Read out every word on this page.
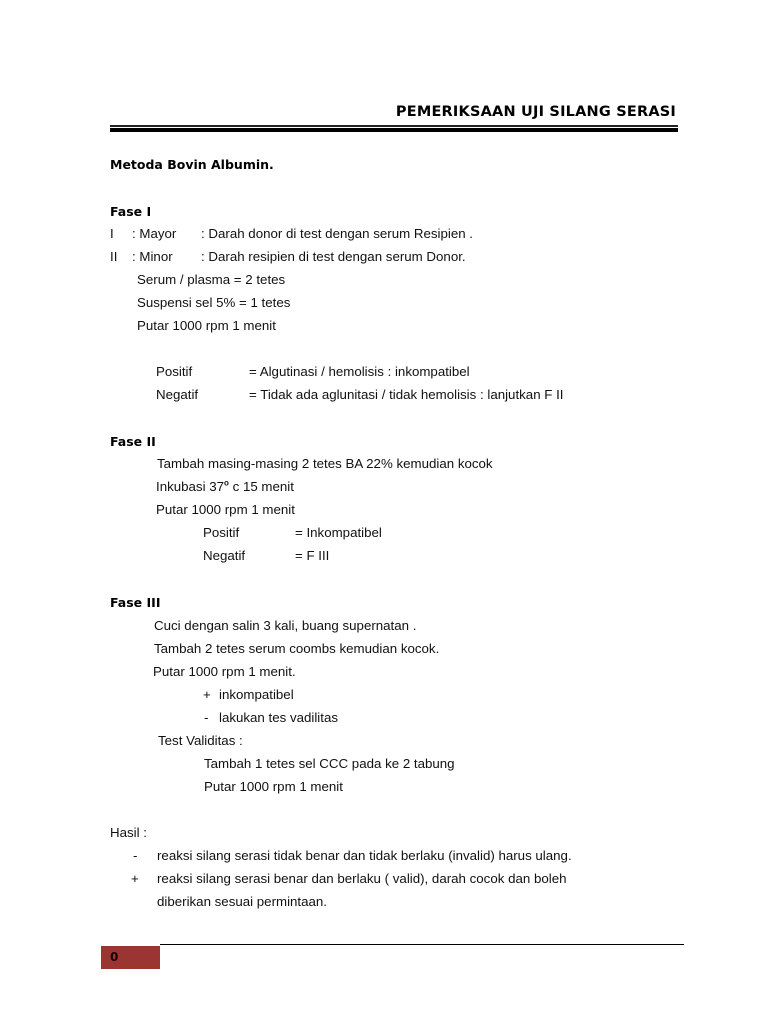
PEMERIKSAAN UJI SILANG SERASI
Metoda Bovin Albumin.
Fase I
I : Mayor : Darah donor di test dengan serum Resipien .
II : Minor : Darah resipien di test dengan serum Donor.
Serum / plasma = 2 tetes
Suspensi sel 5% = 1 tetes
Putar 1000 rpm 1 menit
Positif	= Algutinasi / hemolisis : inkompatibel
Negatif	= Tidak ada aglunitasi / tidak hemolisis : lanjutkan F II
Fase II
Tambah masing-masing 2 tetes BA 22% kemudian kocok
Inkubasi 37$^o$ c 15 menit
Putar 1000 rpm 1 menit
Positif	= Inkompatibel
Negatif	= F III
Fase III
Cuci dengan salin 3 kali, buang supernatan .
Tambah 2 tetes serum coombs kemudian kocok.
Putar 1000 rpm 1 menit.
+ inkompatibel
- lakukan tes vadilitas
Test Validitas :
Tambah 1 tetes sel CCC pada ke 2 tabung
Putar 1000 rpm 1 menit
Hasil :
- reaksi silang serasi tidak benar dan tidak berlaku (invalid) harus ulang.
+ reaksi silang serasi benar dan berlaku ( valid), darah cocok dan boleh
diberikan sesuai permintaan.
0
